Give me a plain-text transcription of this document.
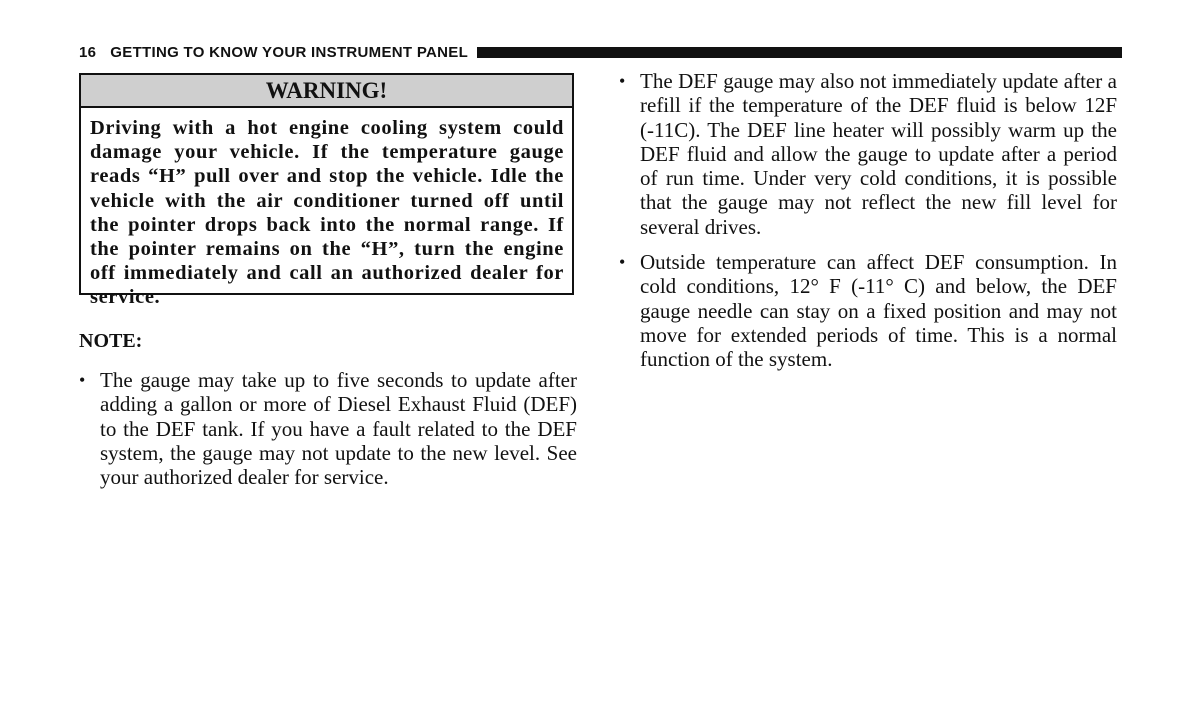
16 GETTING TO KNOW YOUR INSTRUMENT PANEL
WARNING!
Driving with a hot engine cooling system could damage your vehicle. If the temperature gauge reads “H” pull over and stop the vehicle. Idle the vehicle with the air conditioner turned off until the pointer drops back into the normal range. If the pointer remains on the “H”, turn the engine off immediately and call an authorized dealer for service.
NOTE:
• The gauge may take up to five seconds to update after adding a gallon or more of Diesel Exhaust Fluid (DEF) to the DEF tank. If you have a fault related to the DEF system, the gauge may not update to the new level. See your authorized dealer for service.
• The DEF gauge may also not immediately update after a refill if the temperature of the DEF fluid is below 12F (-11C). The DEF line heater will possibly warm up the DEF fluid and allow the gauge to update after a period of run time. Under very cold conditions, it is possible that the gauge may not reflect the new fill level for several drives.
• Outside temperature can affect DEF consumption. In cold conditions, 12° F (-11° C) and below, the DEF gauge needle can stay on a fixed position and may not move for extended periods of time. This is a normal function of the system.
